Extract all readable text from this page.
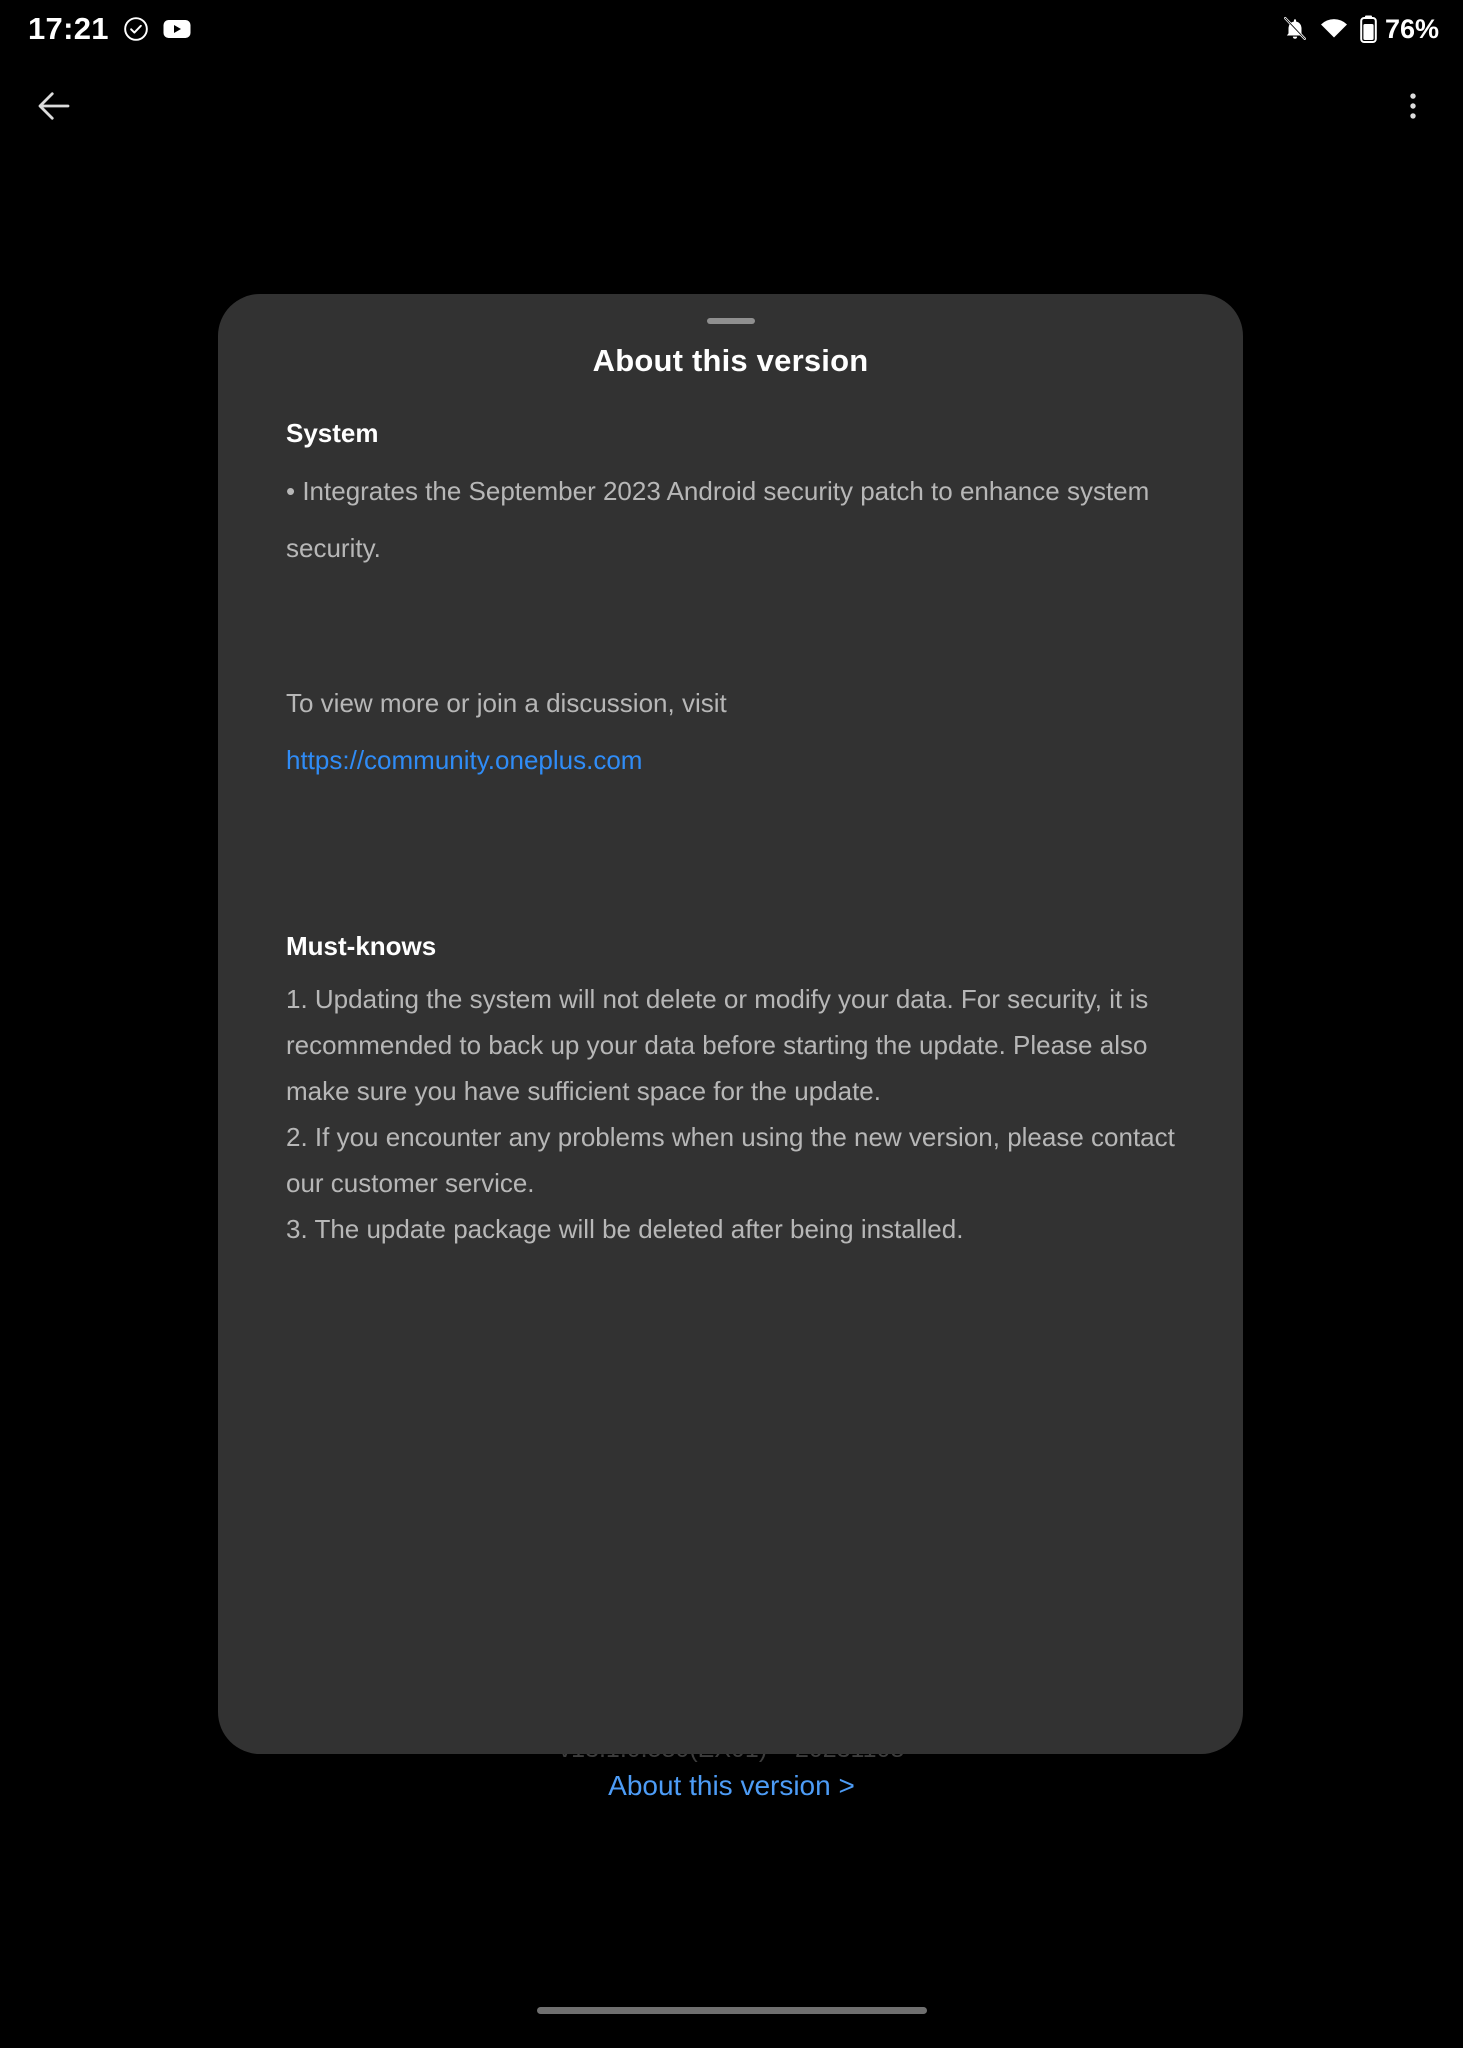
17:21	76%
About this version >
About this version
System
• Integrates the September 2023 Android security patch to enhance system security.
To view more or join a discussion, visit
https://community.oneplus.com
Must-knows
1. Updating the system will not delete or modify your data. For security, it is recommended to back up your data before starting the update. Please also make sure you have sufficient space for the update.
2. If you encounter any problems when using the new version, please contact our customer service.
3. The update package will be deleted after being installed.
